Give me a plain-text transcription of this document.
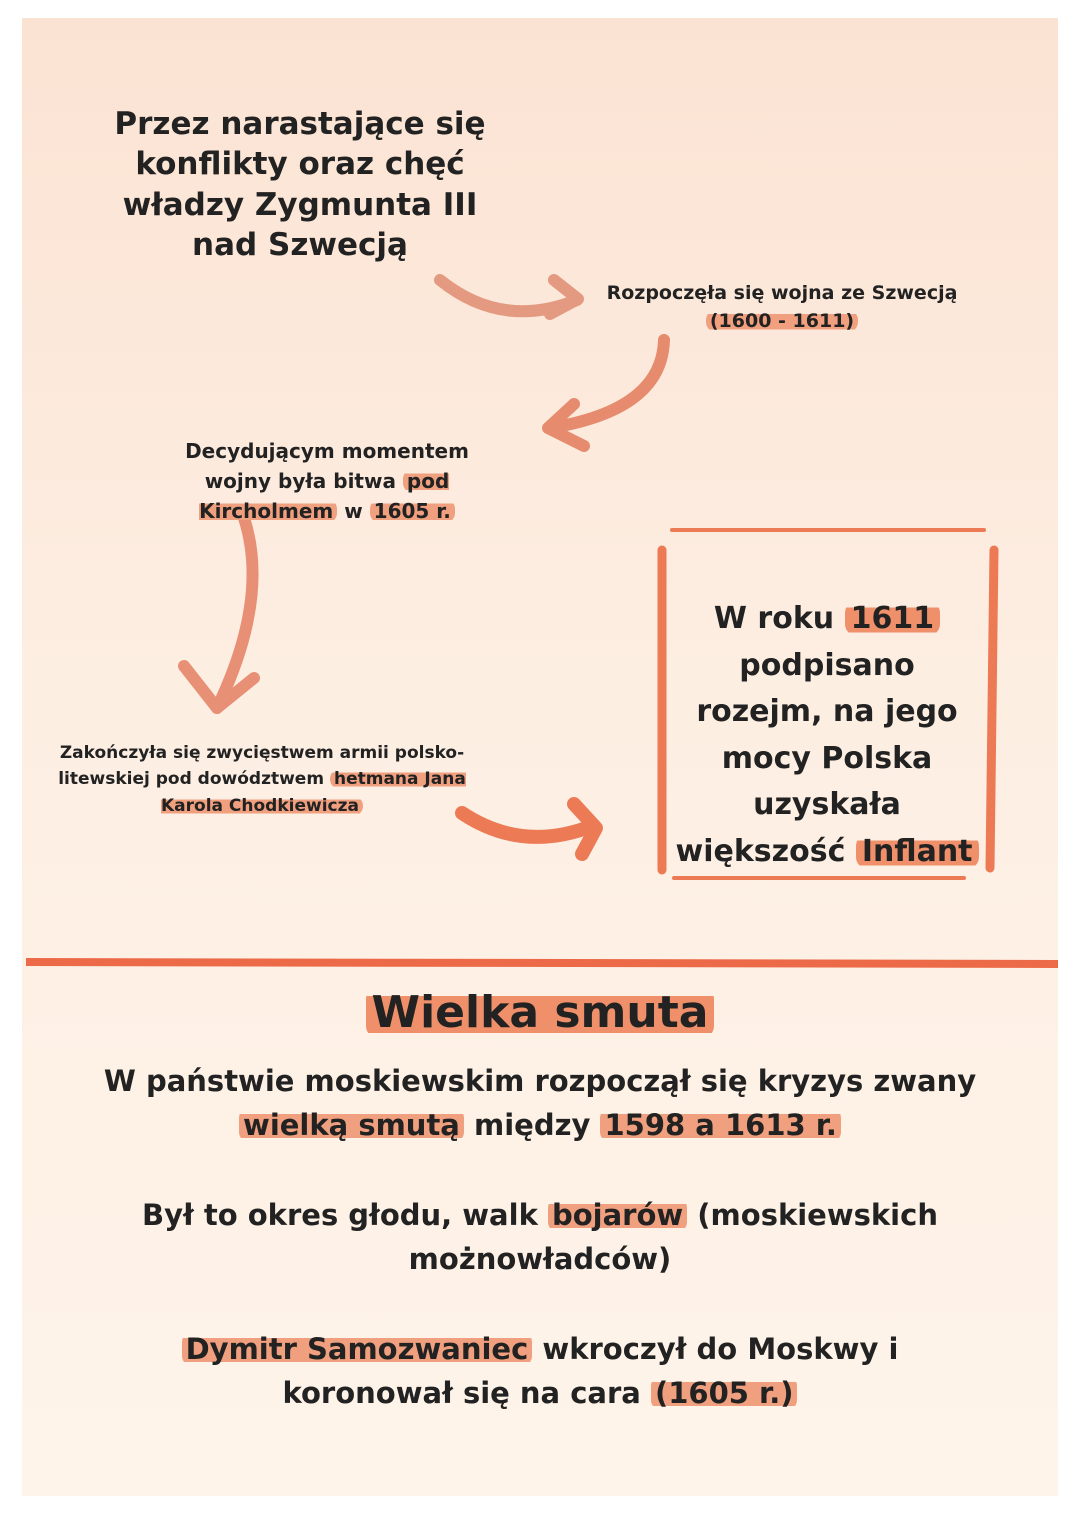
Przez narastające się konflikty oraz chęć władzy Zygmunta III nad Szwecją
Rozpoczęła się wojna ze Szwecją
(1600 - 1611)
Decydującym momentem wojny była bitwa pod Kircholmem w 1605 r.
Zakończyła się zwycięstwem armii polsko-litewskiej pod dowództwem hetmana Jana Karola Chodkiewicza
W roku 1611 podpisano rozejm, na jego mocy Polska uzyskała większość Inflant
Wielka smuta
W państwie moskiewskim rozpoczął się kryzys zwany wielką smutą między 1598 a 1613 r.
Był to okres głodu, walk bojarów (moskiewskich możnowładców)
Dymitr Samozwaniec wkroczył do Moskwy i koronował się na cara (1605 r.)
